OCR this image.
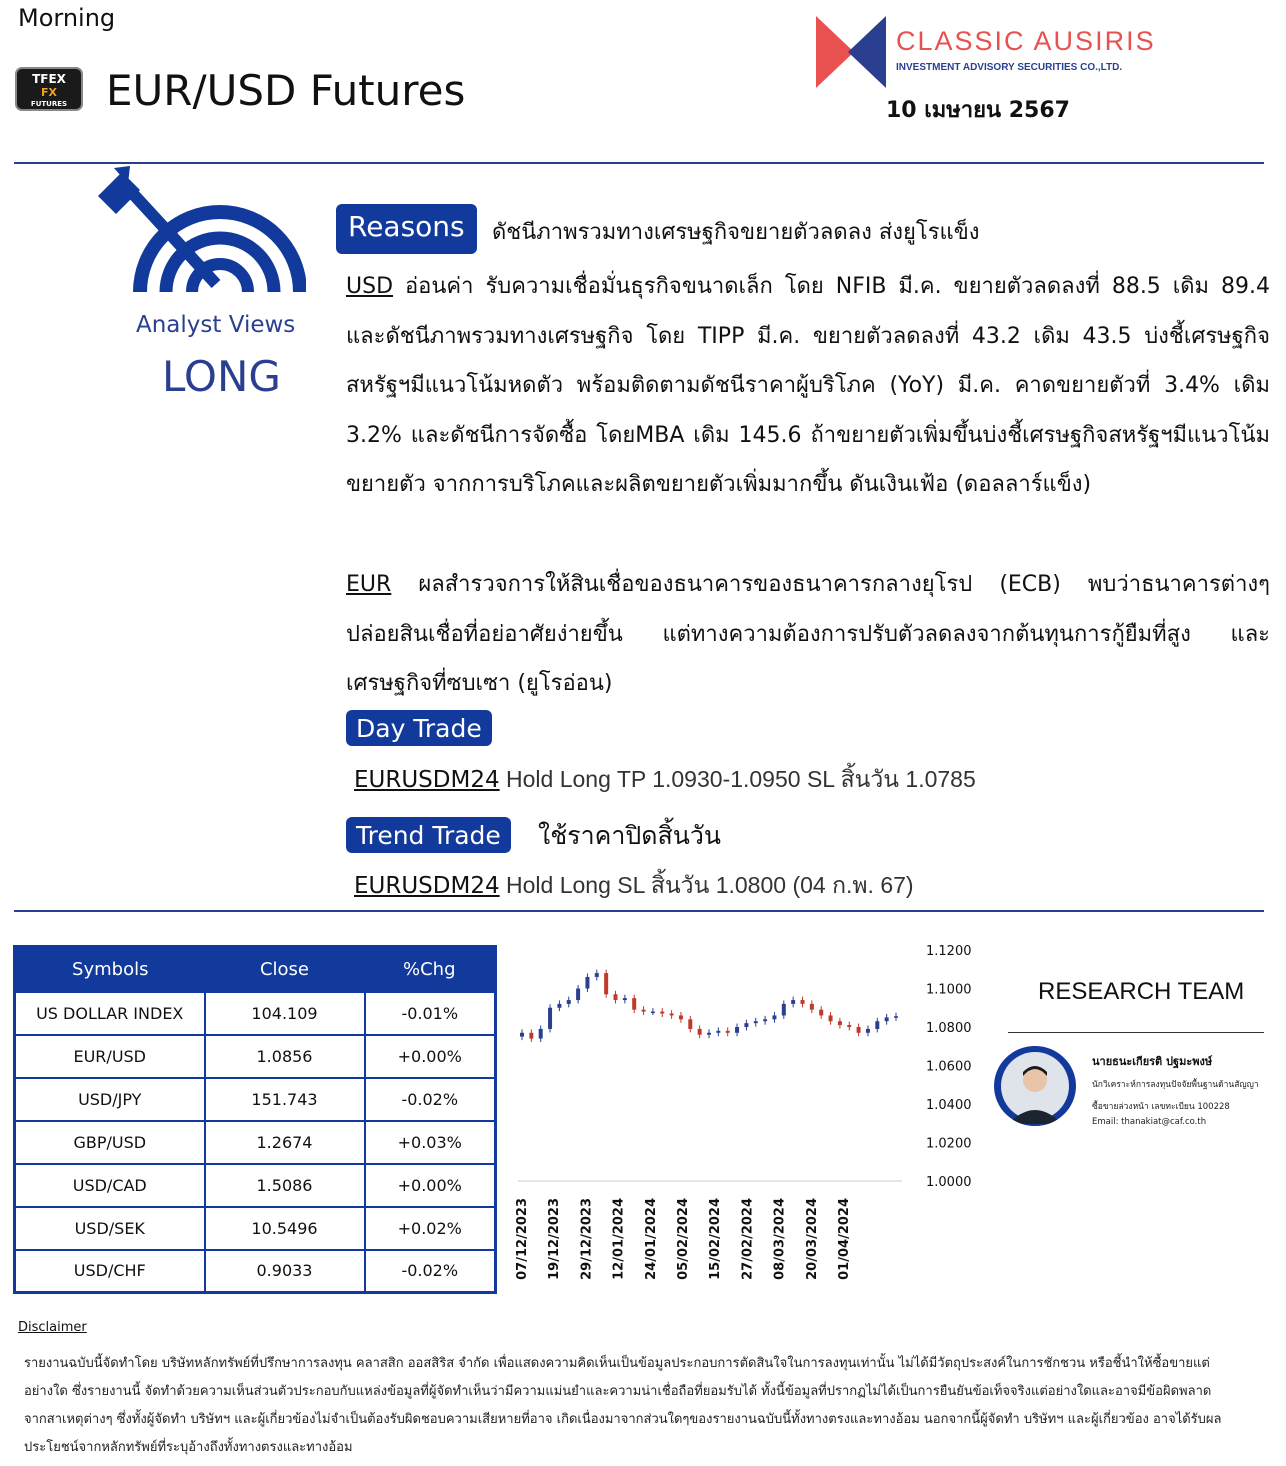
Morning
TFEX
FX
FUTURES EUR/USD Futures
CLASSIC AUSIRIS
INVESTMENT ADVISORY SECURITIES CO.,LTD.
10 เมษายน 2567
Analyst Views
LONG
Reasons	ดัชนีภาพรวมทางเศรษฐกิจขยายตัวลดลง ส่งยูโรแข็ง
USD อ่อนค่า รับความเชื่อมั่นธุรกิจขนาดเล็ก โดย NFIB มี.ค. ขยายตัวลดลงที่ 88.5 เดิม 89.4 และดัชนีภาพรวมทางเศรษฐกิจ โดย TIPP มี.ค. ขยายตัวลดลงที่ 43.2 เดิม 43.5 บ่งชี้เศรษฐกิจสหรัฐฯมีแนวโน้มหดตัว พร้อมติดตามดัชนีราคาผู้บริโภค (YoY) มี.ค. คาดขยายตัวที่ 3.4% เดิม 3.2% และดัชนีการจัดซื้อ โดยMBA เดิม 145.6 ถ้าขยายตัวเพิ่มขึ้นบ่งชี้เศรษฐกิจสหรัฐฯมีแนวโน้มขยายตัว จากการบริโภคและผลิตขยายตัวเพิ่มมากขึ้น ดันเงินเฟ้อ (ดอลลาร์แข็ง)
EUR ผลสำรวจการให้สินเชื่อของธนาคารของธนาคารกลางยุโรป (ECB) พบว่าธนาคารต่างๆ ปล่อยสินเชื่อที่อย่อาศัยง่ายขึ้น แต่ทางความต้องการปรับตัวลดลงจากต้นทุนการกู้ยืมที่สูง และเศรษฐกิจที่ซบเซา (ยูโรอ่อน)
Day Trade
EURUSDM24 Hold Long TP 1.0930-1.0950 SL สิ้นวัน 1.0785
Trend Trade	ใช้ราคาปิดสิ้นวัน
EURUSDM24 Hold Long SL สิ้นวัน 1.0800 (04 ก.พ. 67)
Symbols	Close	%Chg
US DOLLAR INDEX	104.109	-0.01%
EUR/USD	1.0856	+0.00%
USD/JPY	151.743	-0.02%
GBP/USD	1.2674	+0.03%
USD/CAD	1.5086	+0.00%
USD/SEK	10.5496	+0.02%
USD/CHF	0.9033	-0.02%
1.1200
1.1000
1.0800
1.0600
1.0400
1.0200
1.0000
07/12/2023 19/12/2023 29/12/2023 12/01/2024 24/01/2024 05/02/2024 15/02/2024 27/02/2024 08/03/2024 20/03/2024 01/04/2024
RESEARCH TEAM
นายธนะเกียรติ ปฐมะพงษ์
นักวิเคราะห์การลงทุนปัจจัยพื้นฐานด้านสัญญาซื้อขายล่วงหน้า เลขทะเบียน 100228
Email: thanakiat@caf.co.th
Disclaimer
รายงานฉบับนี้จัดทำโดย บริษัทหลักทรัพย์ที่ปรึกษาการลงทุน คลาสสิก ออสสิริส จำกัด เพื่อแสดงความคิดเห็นเป็นข้อมูลประกอบการตัดสินใจในการลงทุนเท่านั้น ไม่ได้มีวัตถุประสงค์ในการชักชวน หรือชี้นำให้ซื้อขายแต่อย่างใด ซึ่งรายงานนี้ จัดทำด้วยความเห็นส่วนตัวประกอบกับแหล่งข้อมูลที่ผู้จัดทำเห็นว่ามีความแม่นยำและความน่าเชื่อถือที่ยอมรับได้ ทั้งนี้ข้อมูลที่ปรากฏไม่ได้เป็นการยืนยันข้อเท็จจริงแต่อย่างใดและอาจมีข้อผิดพลาดจากสาเหตุต่างๆ ซึ่งทั้งผู้จัดทำ บริษัทฯ และผู้เกี่ยวข้องไม่จำเป็นต้องรับผิดชอบความเสียหายที่อาจ เกิดเนื่องมาจากส่วนใดๆของรายงานฉบับนี้ทั้งทางตรงและทางอ้อม นอกจากนี้ผู้จัดทำ บริษัทฯ และผู้เกี่ยวข้อง อาจได้รับผลประโยชน์จากหลักทรัพย์ที่ระบุอ้างถึงทั้งทางตรงและทางอ้อม
